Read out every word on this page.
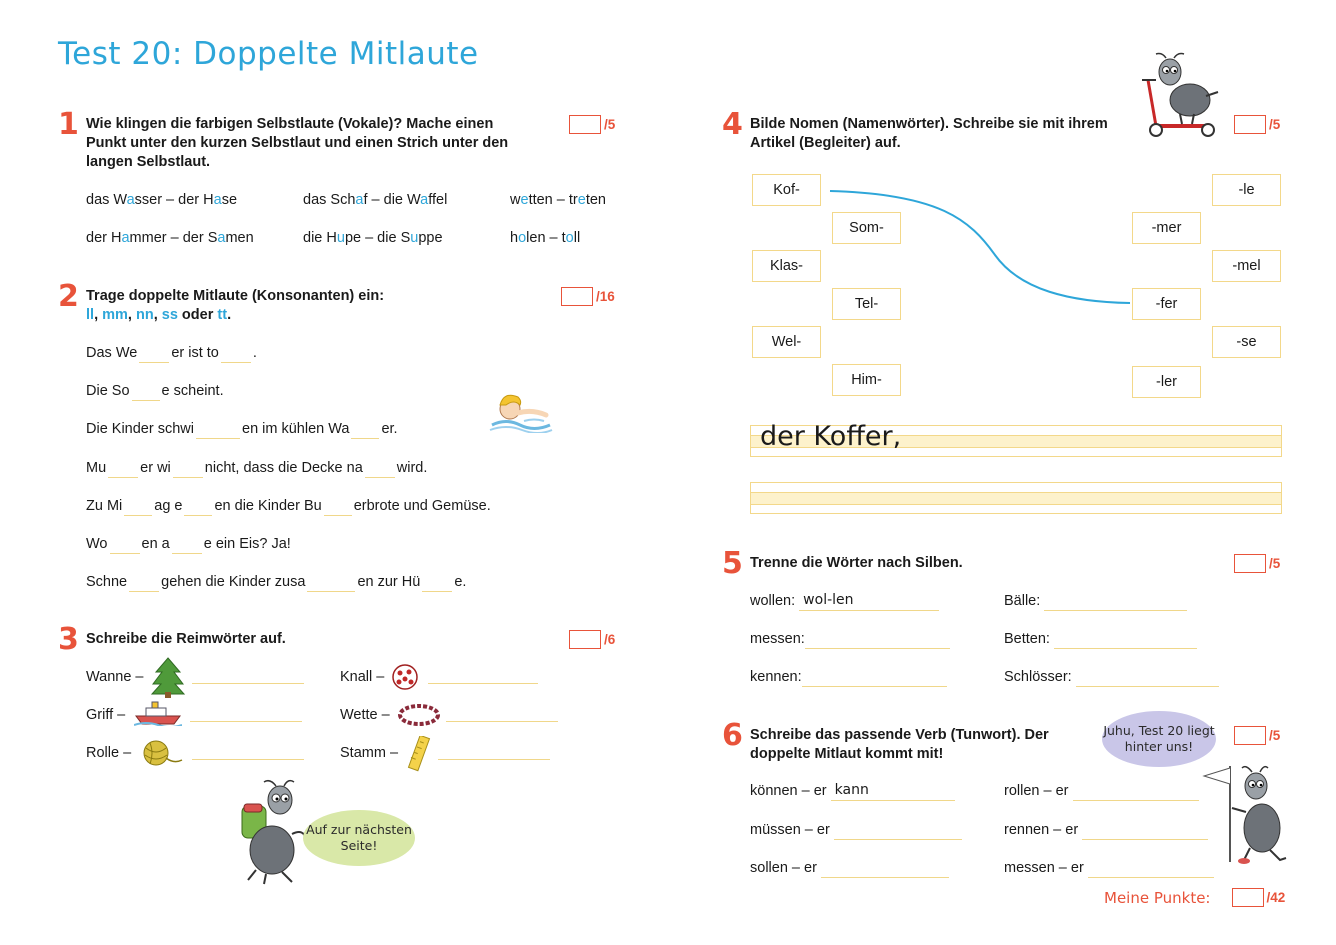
Test 20: Doppelte Mitlaute
1 Wie klingen die farbigen Selbstlaute (Vokale)? Mache einen Punkt unter den kurzen Selbstlaut und einen Strich unter den langen Selbstlaut.
/5
das Wasser – der Hase	das Schaf – die Waffel	wetten – treten
der Hammer – der Samen	die Hupe – die Suppe	holen – toll
2 Trage doppelte Mitlaute (Konsonanten) ein:
ll, mm, nn, ss oder tt.
/16
Das We er ist to .
Die So e scheint.
Die Kinder schwi	en im kühlen Wa er.
Mu er wi nicht, dass die Decke na wird.
Zu Mi ag e en die Kinder Bu erbrote und Gemüse.
Wo en a e ein Eis? Ja!
Schne gehen die Kinder zusa	en zur Hü e.
3 Schreibe die Reimwörter auf.	/6
Wanne –
Griff –
Rolle –
Knall –
Wette –
Stamm –
Auf zur nächsten Seite!
4 Bilde Nomen (Namenwörter). Schreibe sie mit ihrem Artikel (Begleiter) auf.
/5
Kof-
Klas-
Wel-
Som-
Tel-
Him-
-mer
-fer
-ler
-le
-mel
-se
der Koffer,
5 Trenne die Wörter nach Silben.	/5
wollen: wol-len
messen:
kennen:
Bälle:
Betten:
Schlösser:
6 Schreibe das passende Verb (Tunwort). Der doppelte Mitlaut kommt mit!
/5
Juhu, Test 20 liegt hinter uns!
können – er kann
müssen – er
sollen – er
rollen – er
rennen – er
messen – er
Meine Punkte:	/42
